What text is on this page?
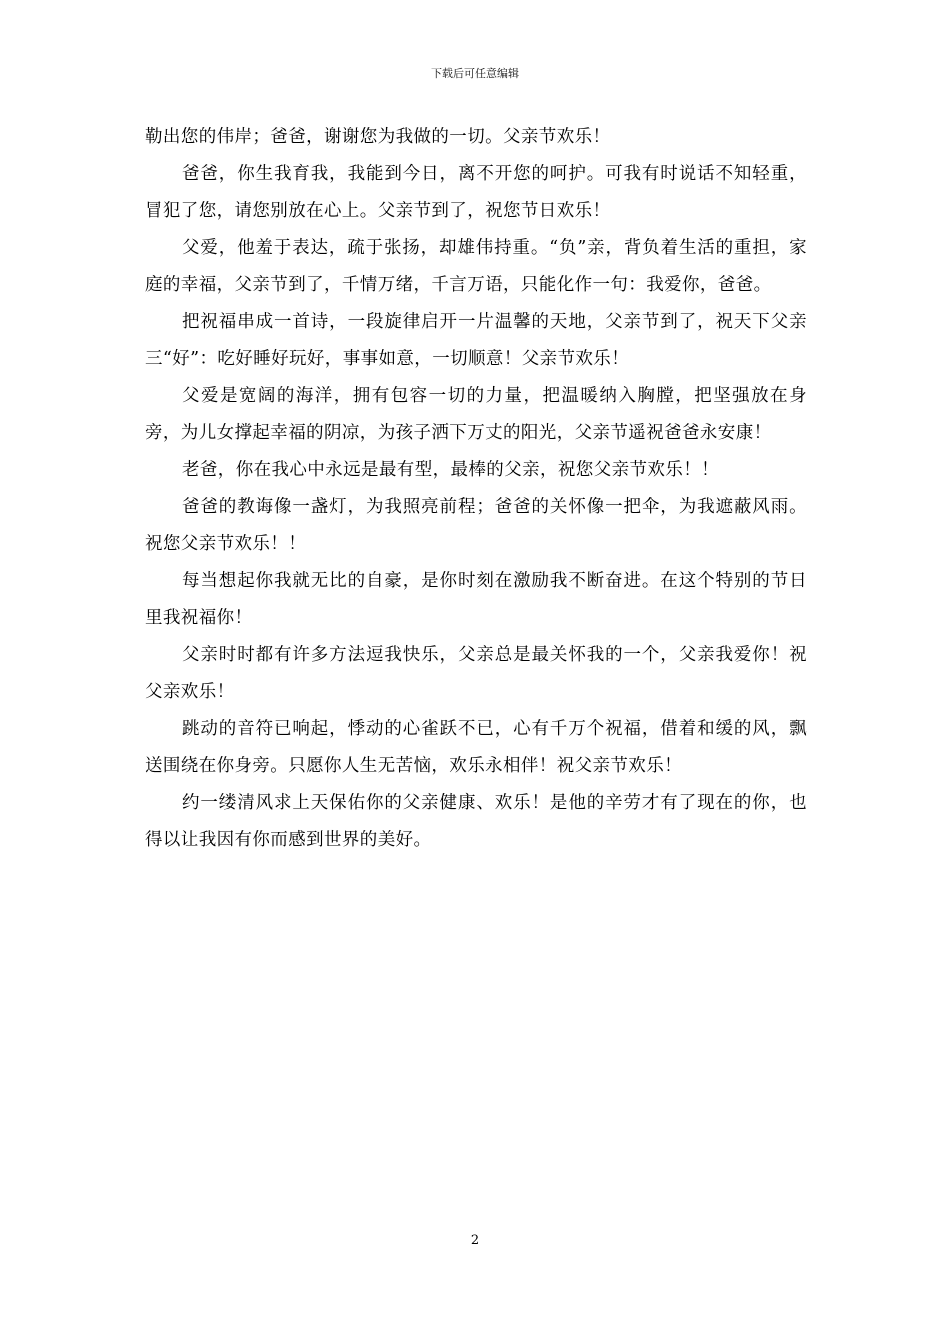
下载后可任意编辑

勒出您的伟岸；爸爸，谢谢您为我做的一切。父亲节欢乐！

爸爸，你生我育我，我能到今日，离不开您的呵护。可我有时说话不知轻重，冒犯了您，请您别放在心上。父亲节到了，祝您节日欢乐！

父爱，他羞于表达，疏于张扬，却雄伟持重。“负”亲，背负着生活的重担，家庭的幸福，父亲节到了，千情万绪，千言万语，只能化作一句：我爱你，爸爸。

把祝福串成一首诗，一段旋律启开一片温馨的天地，父亲节到了，祝天下父亲三“好”：吃好睡好玩好，事事如意，一切顺意！父亲节欢乐！

父爱是宽阔的海洋，拥有包容一切的力量，把温暖纳入胸膛，把坚强放在身旁，为儿女撑起幸福的阴凉，为孩子洒下万丈的阳光，父亲节遥祝爸爸永安康！

老爸，你在我心中永远是最有型，最棒的父亲，祝您父亲节欢乐！！

爸爸的教诲像一盏灯，为我照亮前程；爸爸的关怀像一把伞，为我遮蔽风雨。祝您父亲节欢乐！！

每当想起你我就无比的自豪，是你时刻在激励我不断奋进。在这个特别的节日里我祝福你！

父亲时时都有许多方法逗我快乐，父亲总是最关怀我的一个，父亲我爱你！祝父亲欢乐！

跳动的音符已响起，悸动的心雀跃不已，心有千万个祝福，借着和缓的风，飘送围绕在你身旁。只愿你人生无苦恼，欢乐永相伴！祝父亲节欢乐！

约一缕清风求上天保佑你的父亲健康、欢乐！是他的辛劳才有了现在的你，也得以让我因有你而感到世界的美好。

2
